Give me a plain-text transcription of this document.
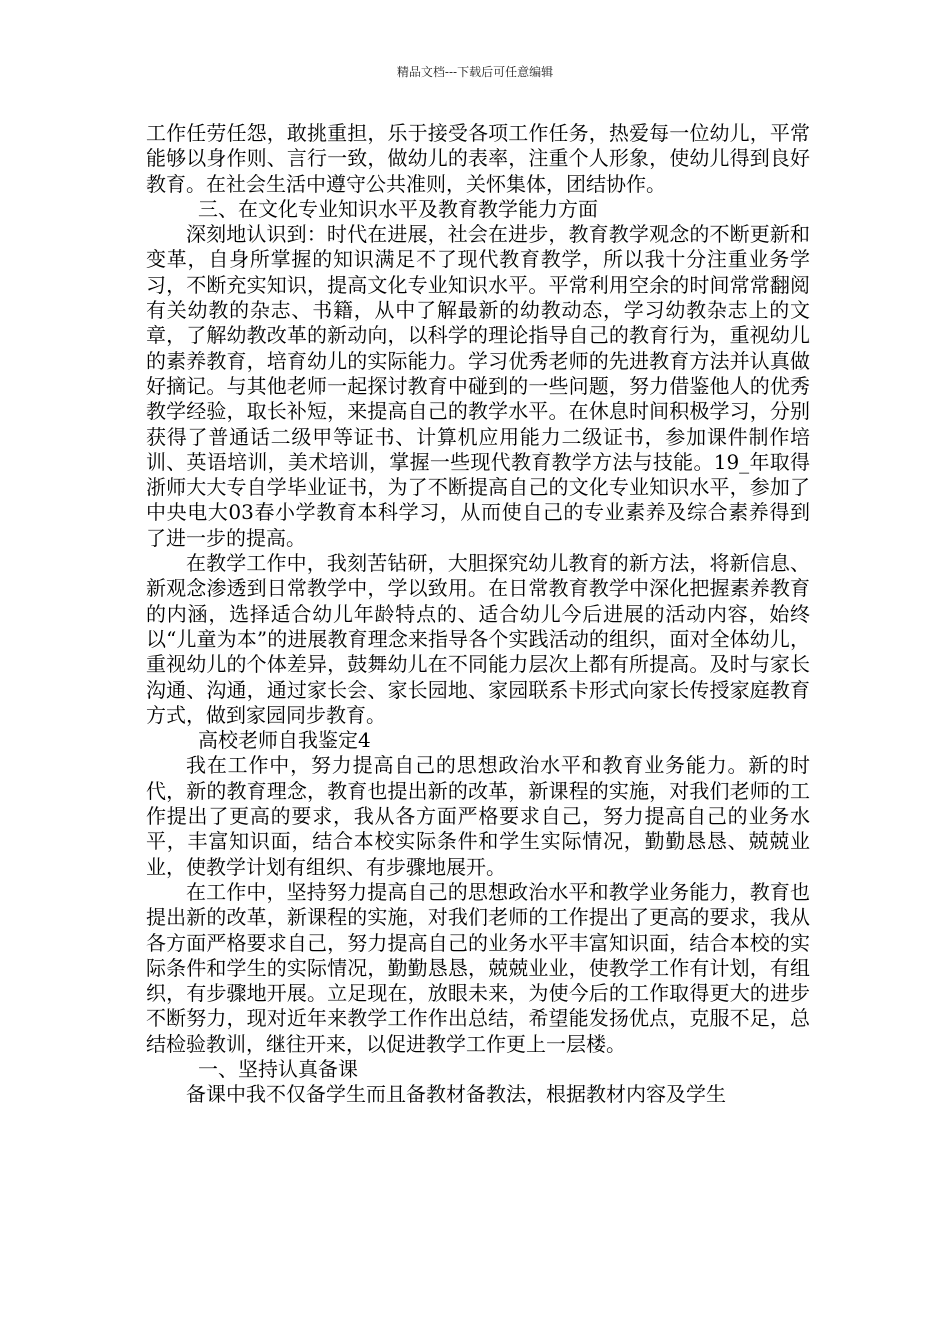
精品文档---下载后可任意编辑

工作任劳任怨，敢挑重担，乐于接受各项工作任务，热爱每一位幼儿，平常能够以身作则、言行一致，做幼儿的表率，注重个人形象，使幼儿得到良好教育。在社会生活中遵守公共准则，关怀集体，团结协作。

三、在文化专业知识水平及教育教学能力方面

深刻地认识到：时代在进展，社会在进步，教育教学观念的不断更新和变革，自身所掌握的知识满足不了现代教育教学，所以我十分注重业务学习，不断充实知识，提高文化专业知识水平。平常利用空余的时间常常翻阅有关幼教的杂志、书籍，从中了解最新的幼教动态，学习幼教杂志上的文章，了解幼教改革的新动向，以科学的理论指导自己的教育行为，重视幼儿的素养教育，培育幼儿的实际能力。学习优秀老师的先进教育方法并认真做好摘记。与其他老师一起探讨教育中碰到的一些问题，努力借鉴他人的优秀教学经验，取长补短，来提高自己的教学水平。在休息时间积极学习，分别获得了普通话二级甲等证书、计算机应用能力二级证书，参加课件制作培训、英语培训，美术培训，掌握一些现代教育教学方法与技能。19_年取得浙师大大专自学毕业证书，为了不断提高自己的文化专业知识水平，参加了中央电大03春小学教育本科学习，从而使自己的专业素养及综合素养得到了进一步的提高。

在教学工作中，我刻苦钻研，大胆探究幼儿教育的新方法，将新信息、新观念渗透到日常教学中，学以致用。在日常教育教学中深化把握素养教育的内涵，选择适合幼儿年龄特点的、适合幼儿今后进展的活动内容，始终以“儿童为本”的进展教育理念来指导各个实践活动的组织，面对全体幼儿，重视幼儿的个体差异，鼓舞幼儿在不同能力层次上都有所提高。及时与家长沟通、沟通，通过家长会、家长园地、家园联系卡形式向家长传授家庭教育方式，做到家园同步教育。

高校老师自我鉴定4

我在工作中，努力提高自己的思想政治水平和教育业务能力。新的时代，新的教育理念，教育也提出新的改革，新课程的实施，对我们老师的工作提出了更高的要求，我从各方面严格要求自己，努力提高自己的业务水平，丰富知识面，结合本校实际条件和学生实际情况，勤勤恳恳、兢兢业业，使教学计划有组织、有步骤地展开。

在工作中，坚持努力提高自己的思想政治水平和教学业务能力，教育也提出新的改革，新课程的实施，对我们老师的工作提出了更高的要求，我从各方面严格要求自己，努力提高自己的业务水平丰富知识面，结合本校的实际条件和学生的实际情况，勤勤恳恳，兢兢业业，使教学工作有计划，有组织，有步骤地开展。立足现在，放眼未来，为使今后的工作取得更大的进步不断努力，现对近年来教学工作作出总结，希望能发扬优点，克服不足，总结检验教训，继往开来，以促进教学工作更上一层楼。

一、坚持认真备课

备课中我不仅备学生而且备教材备教法，根据教材内容及学生
